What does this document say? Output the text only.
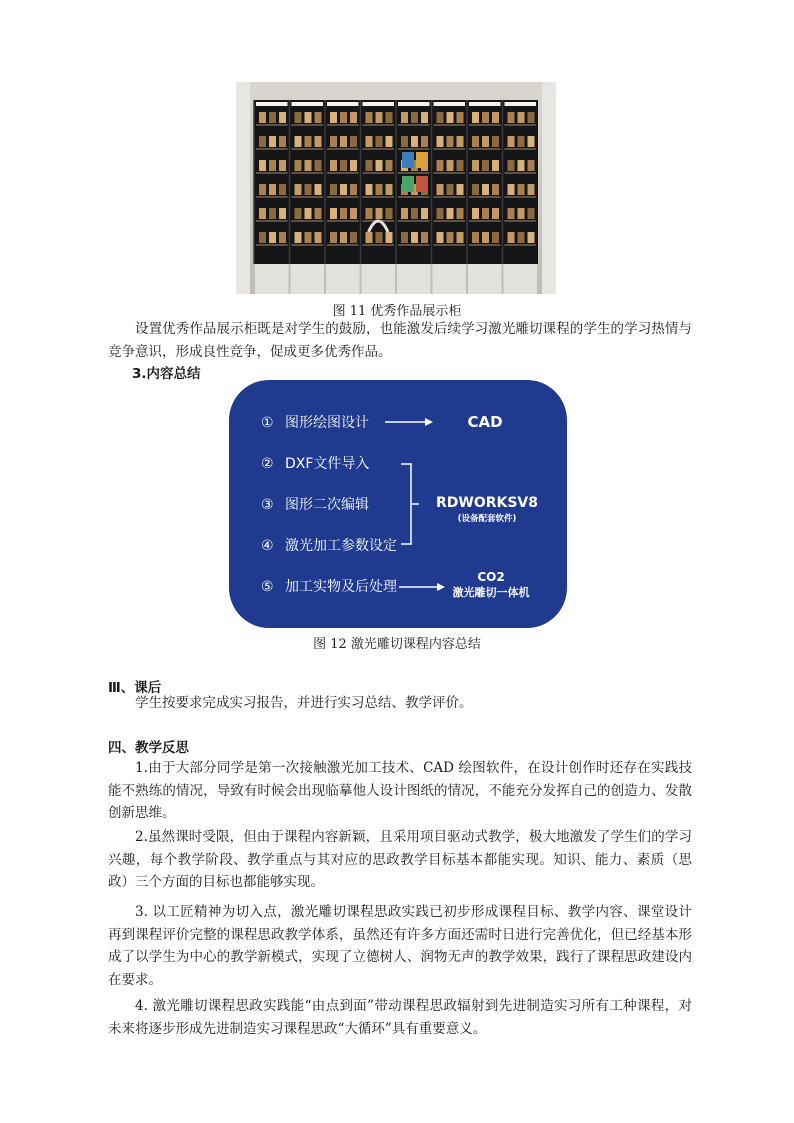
图 11 优秀作品展示柜

设置优秀作品展示柜既是对学生的鼓励，也能激发后续学习激光雕切课程的学生的学习热情与竞争意识，形成良性竞争，促成更多优秀作品。

3.内容总结
① 图形绘图设计
② DXF文件导入
③ 图形二次编辑
④ 激光加工参数设定
⑤ 加工实物及后处理
CAD
RDWORKSV8
(设备配套软件)
CO2
激光雕切一体机
图 12 激光雕切课程内容总结
Ⅲ、课后

学生按要求完成实习报告，并进行实习总结、教学评价。

四、教学反思

1.由于大部分同学是第一次接触激光加工技术、CAD 绘图软件，在设计创作时还存在实践技能不熟练的情况，导致有时候会出现临摹他人设计图纸的情况，不能充分发挥自己的创造力、发散创新思维。

2.虽然课时受限，但由于课程内容新颖，且采用项目驱动式教学，极大地激发了学生们的学习兴趣，每个教学阶段、教学重点与其对应的思政教学目标基本都能实现。知识、能力、素质（思政）三个方面的目标也都能够实现。

3. 以工匠精神为切入点，激光雕切课程思政实践已初步形成课程目标、教学内容、课堂设计再到课程评价完整的课程思政教学体系，虽然还有许多方面还需时日进行完善优化，但已经基本形成了以学生为中心的教学新模式，实现了立德树人、润物无声的教学效果，践行了课程思政建设内在要求。

4. 激光雕切课程思政实践能“由点到面”带动课程思政辐射到先进制造实习所有工种课程，对未来将逐步形成先进制造实习课程思政“大循环”具有重要意义。
